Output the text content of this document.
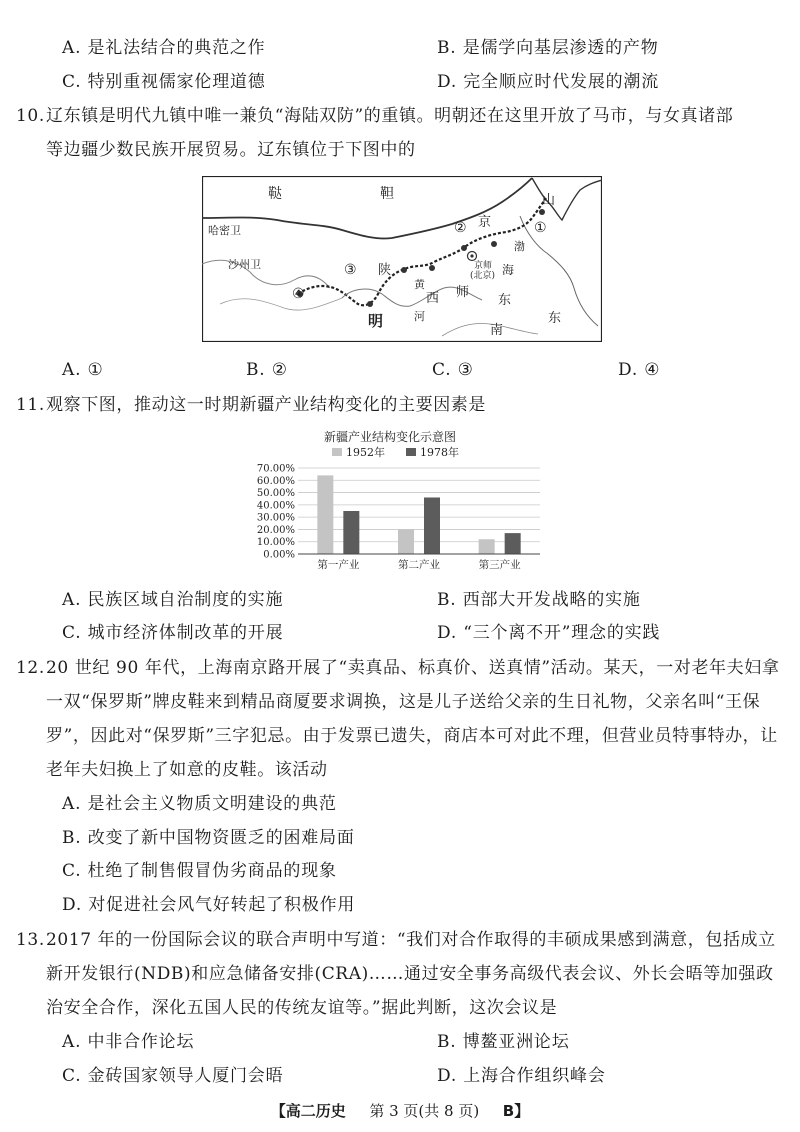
A. 是礼法结合的典范之作	B. 是儒学向基层渗透的产物
C. 特别重视儒家伦理道德	D. 完全顺应时代发展的潮流
10. 辽东镇是明代九镇中唯一兼负“海陆双防”的重镇。明朝还在这里开放了马市，与女真诸部
等边疆少数民族开展贸易。辽东镇位于下图中的
鞑	靼	山
京
渤
海
哈密卫
沙州卫	陕
西
黄
河
京师
(北京)
师
东
南
东
明
①
②
③
④
A. ①	B. ②	C. ③	D. ④
11. 观察下图，推动这一时期新疆产业结构变化的主要因素是
新疆产业结构变化示意图
1952年	1978年
70.00%
60.00%
50.00%
40.00%
30.00%
20.00%
10.00%
0.00%
第一产业	第二产业	第三产业
A. 民族区域自治制度的实施	B. 西部大开发战略的实施
C. 城市经济体制改革的开展	D. “三个离不开”理念的实践
12. 20 世纪 90 年代，上海南京路开展了“卖真品、标真价、送真情”活动。某天，一对老年夫妇拿一双“保罗斯”牌皮鞋来到精品商厦要求调换，这是儿子送给父亲的生日礼物，父亲名叫“王保罗”，因此对“保罗斯”三字犯忌。由于发票已遗失，商店本可对此不理，但营业员特事特办，让老年夫妇换上了如意的皮鞋。该活动
A. 是社会主义物质文明建设的典范
B. 改变了新中国物资匮乏的困难局面
C. 杜绝了制售假冒伪劣商品的现象
D. 对促进社会风气好转起了积极作用
13. 2017 年的一份国际会议的联合声明中写道：“我们对合作取得的丰硕成果感到满意，包括成立新开发银行(NDB)和应急储备安排(CRA)……通过安全事务高级代表会议、外长会晤等加强政治安全合作，深化五国人民的传统友谊等。”据此判断，这次会议是
A. 中非合作论坛	B. 博鳌亚洲论坛
C. 金砖国家领导人厦门会晤	D. 上海合作组织峰会
【高二历史 第 3 页(共 8 页) B】
